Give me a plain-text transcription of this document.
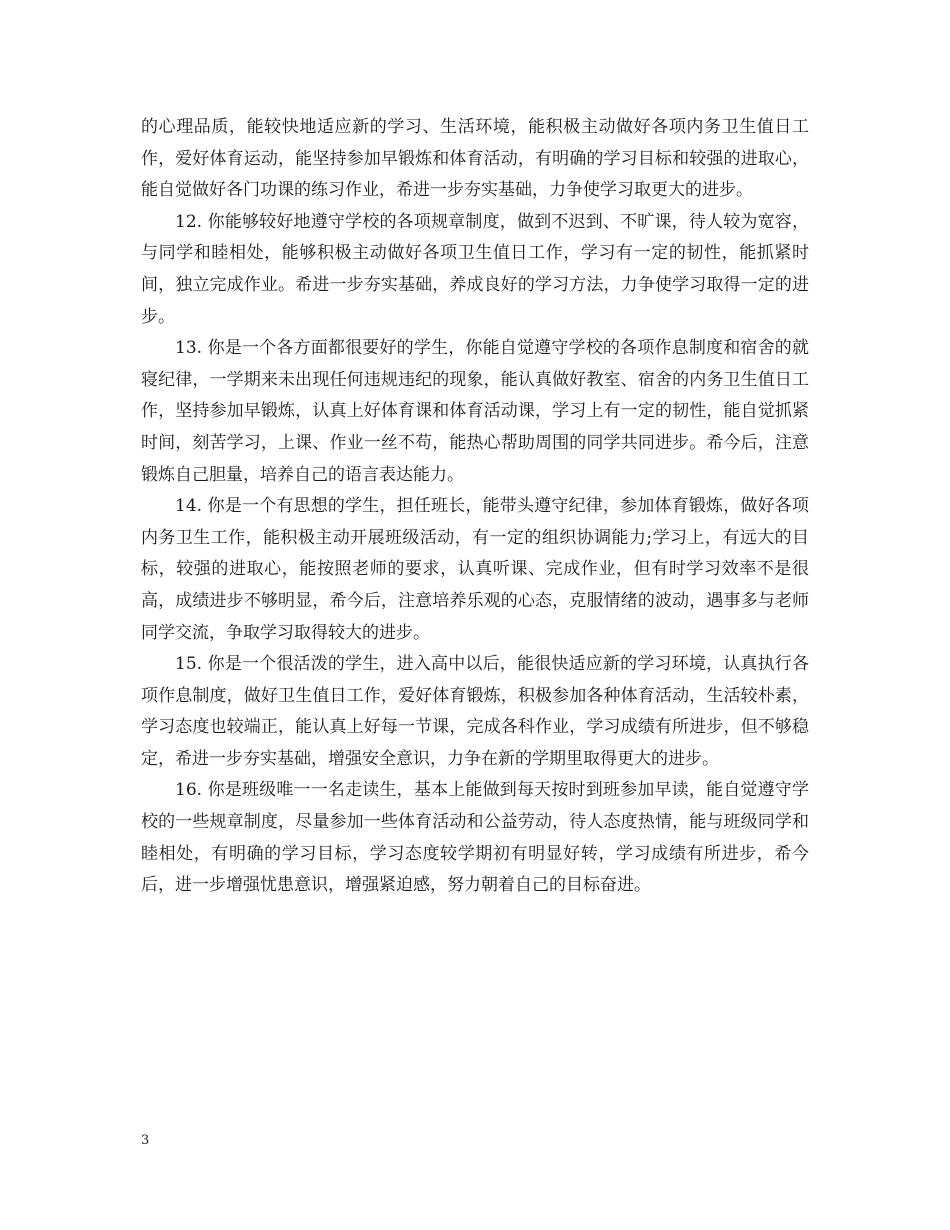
的心理品质，能较快地适应新的学习、生活环境，能积极主动做好各项内务卫生值日工作，爱好体育运动，能坚持参加早锻炼和体育活动，有明确的学习目标和较强的进取心，能自觉做好各门功课的练习作业，希进一步夯实基础，力争使学习取更大的进步。

12. 你能够较好地遵守学校的各项规章制度，做到不迟到、不旷课，待人较为宽容，与同学和睦相处，能够积极主动做好各项卫生值日工作，学习有一定的韧性，能抓紧时间，独立完成作业。希进一步夯实基础，养成良好的学习方法，力争使学习取得一定的进步。

13. 你是一个各方面都很要好的学生，你能自觉遵守学校的各项作息制度和宿舍的就寝纪律，一学期来未出现任何违规违纪的现象，能认真做好教室、宿舍的内务卫生值日工作，坚持参加早锻炼，认真上好体育课和体育活动课，学习上有一定的韧性，能自觉抓紧时间，刻苦学习，上课、作业一丝不苟，能热心帮助周围的同学共同进步。希今后，注意锻炼自己胆量，培养自己的语言表达能力。

14. 你是一个有思想的学生，担任班长，能带头遵守纪律，参加体育锻炼，做好各项内务卫生工作，能积极主动开展班级活动，有一定的组织协调能力;学习上，有远大的目标，较强的进取心，能按照老师的要求，认真听课、完成作业，但有时学习效率不是很高，成绩进步不够明显，希今后，注意培养乐观的心态，克服情绪的波动，遇事多与老师同学交流，争取学习取得较大的进步。

15. 你是一个很活泼的学生，进入高中以后，能很快适应新的学习环境，认真执行各项作息制度，做好卫生值日工作，爱好体育锻炼，积极参加各种体育活动，生活较朴素，学习态度也较端正，能认真上好每一节课，完成各科作业，学习成绩有所进步，但不够稳定，希进一步夯实基础，增强安全意识，力争在新的学期里取得更大的进步。

16. 你是班级唯一一名走读生，基本上能做到每天按时到班参加早读，能自觉遵守学校的一些规章制度，尽量参加一些体育活动和公益劳动，待人态度热情，能与班级同学和睦相处，有明确的学习目标，学习态度较学期初有明显好转，学习成绩有所进步，希今后，进一步增强忧患意识，增强紧迫感，努力朝着自己的目标奋进。

3
